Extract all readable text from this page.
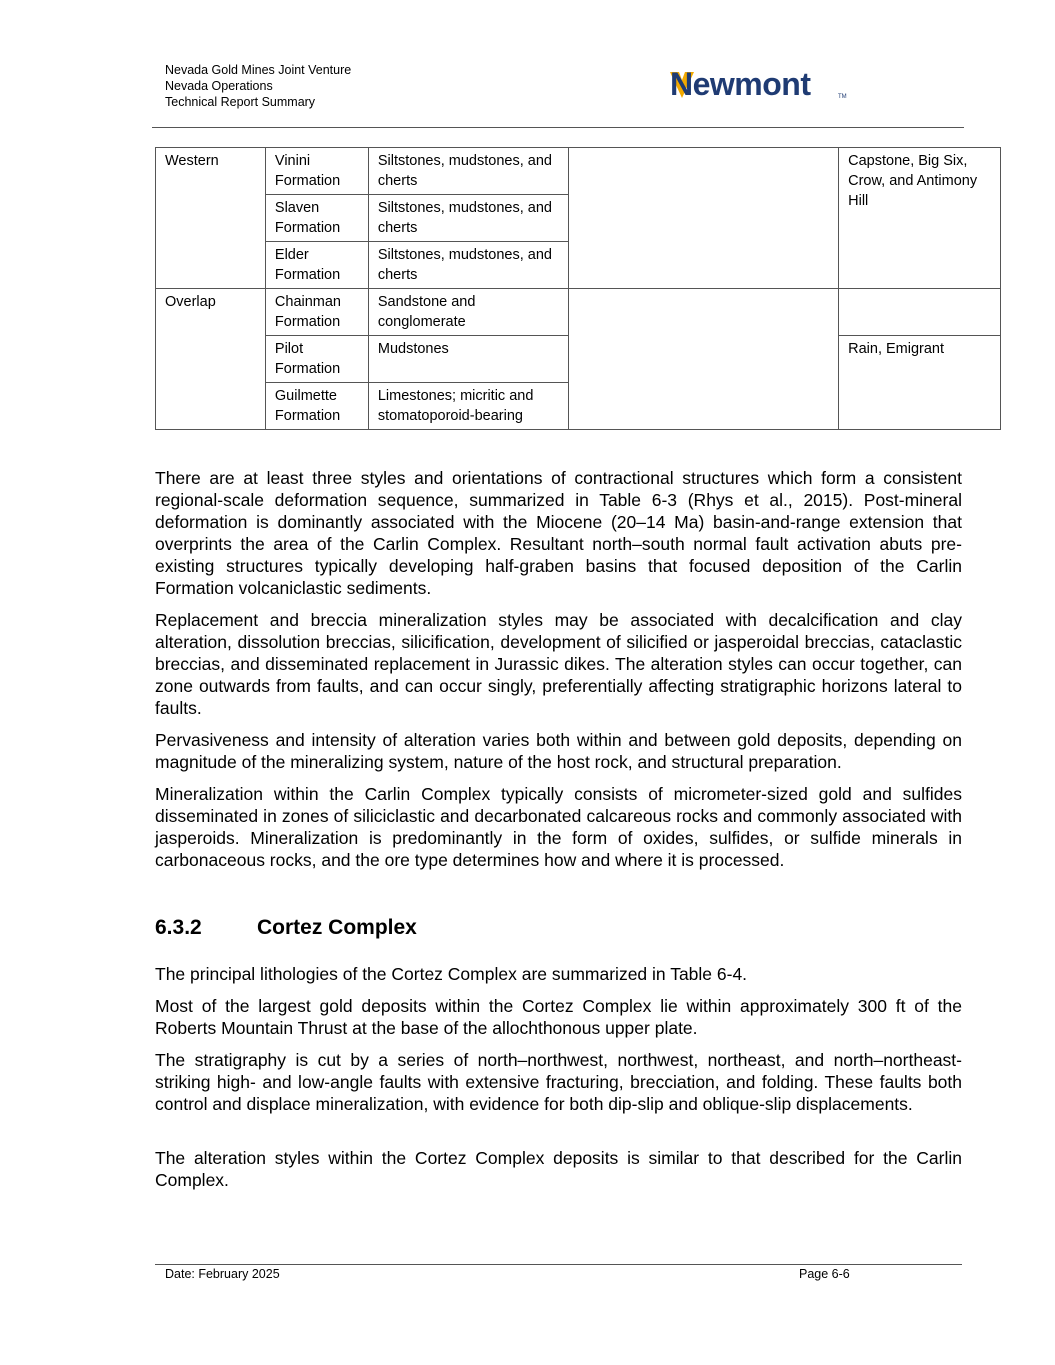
Nevada Gold Mines Joint Venture
Nevada Operations
Technical Report Summary	Newmont	TM
Western	Vinini Formation	Siltstones, mudstones, and cherts		Capstone, Big Six, Crow, and Antimony Hill
	Slaven Formation	Siltstones, mudstones, and cherts		
	Elder Formation	Siltstones, mudstones, and cherts		
Overlap	Chainman Formation	Sandstone and conglomerate		
	Pilot Formation	Mudstones		Rain, Emigrant
	Guilmette Formation	Limestones; micritic and stomatoporoid-bearing		

There are at least three styles and orientations of contractional structures which form a consistent regional-scale deformation sequence, summarized in Table 6-3 (Rhys et al., 2015). Post-mineral deformation is dominantly associated with the Miocene (20–14 Ma) basin-and-range extension that overprints the area of the Carlin Complex. Resultant north–south normal fault activation abuts pre-existing structures typically developing half-graben basins that focused deposition of the Carlin Formation volcaniclastic sediments.

Replacement and breccia mineralization styles may be associated with decalcification and clay alteration, dissolution breccias, silicification, development of silicified or jasperoidal breccias, cataclastic breccias, and disseminated replacement in Jurassic dikes. The alteration styles can occur together, can zone outwards from faults, and can occur singly, preferentially affecting stratigraphic horizons lateral to faults.

Pervasiveness and intensity of alteration varies both within and between gold deposits, depending on magnitude of the mineralizing system, nature of the host rock, and structural preparation.

Mineralization within the Carlin Complex typically consists of micrometer-sized gold and sulfides disseminated in zones of siliciclastic and decarbonated calcareous rocks and commonly associated with jasperoids. Mineralization is predominantly in the form of oxides, sulfides, or sulfide minerals in carbonaceous rocks, and the ore type determines how and where it is processed.

6.3.2	Cortez Complex

The principal lithologies of the Cortez Complex are summarized in Table 6-4.

Most of the largest gold deposits within the Cortez Complex lie within approximately 300 ft of the Roberts Mountain Thrust at the base of the allochthonous upper plate.

The stratigraphy is cut by a series of north–northwest, northwest, northeast, and north–northeast-striking high- and low-angle faults with extensive fracturing, brecciation, and folding. These faults both control and displace mineralization, with evidence for both dip-slip and oblique-slip displacements.

The alteration styles within the Cortez Complex deposits is similar to that described for the Carlin Complex.

Date: February 2025	Page 6-6
